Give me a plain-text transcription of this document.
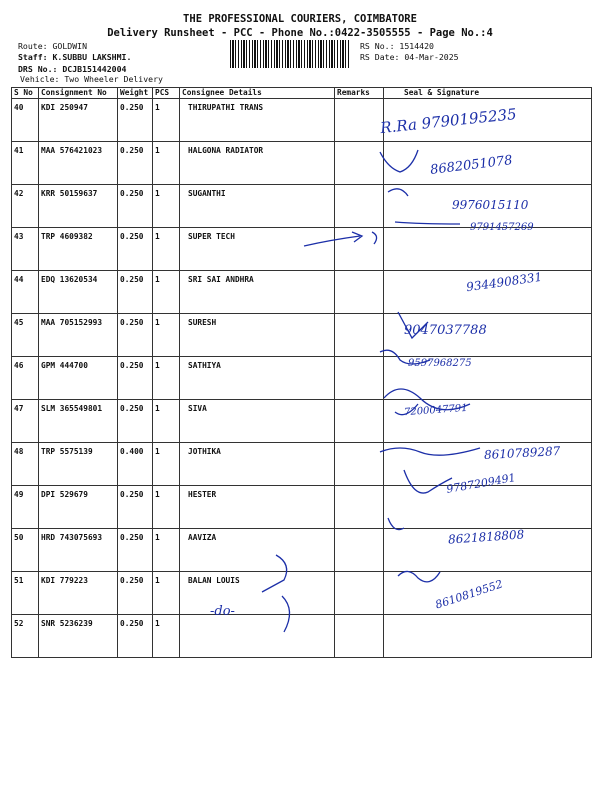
THE PROFESSIONAL COURIERS, COIMBATORE
Delivery Runsheet - PCC - Phone No.:0422-3505555 - Page No.:4
Route: GOLDWIN
Staff: K.SUBBU LAKSHMI.
DRS No.: DCJB151442004
Vehicle: Two Wheeler Delivery
RS No.: 1514420
RS Date: 04-Mar-2025
S No	Consignment No	Weight	PCS	Consignee Details	Remarks	Seal & Signature
40	KDI 250947	0.250	1	THIRUPATHI TRANS		
41	MAA 576421023	0.250	1	HALGONA RADIATOR		
42	KRR 50159637	0.250	1	SUGANTHI		
43	TRP 4609382	0.250	1	SUPER TECH		
44	EDQ 13620534	0.250	1	SRI SAI ANDHRA		
45	MAA 705152993	0.250	1	SURESH		
46	GPM 444700	0.250	1	SATHIYA		
47	SLM 365549801	0.250	1	SIVA		
48	TRP 5575139	0.400	1	JOTHIKA		
49	DPI 529679	0.250	1	HESTER		
50	HRD 743075693	0.250	1	AAVIZA		
51	KDI 779223	0.250	1	BALAN LOUIS		
52	SNR 5236239	0.250	1			
R.Ra 9790195235
8682051078
9976015110
9791457269
9344908331
9047037788
9597968275
7200047791
8610789287
9787209491
8621818808
8610819552
-do-
